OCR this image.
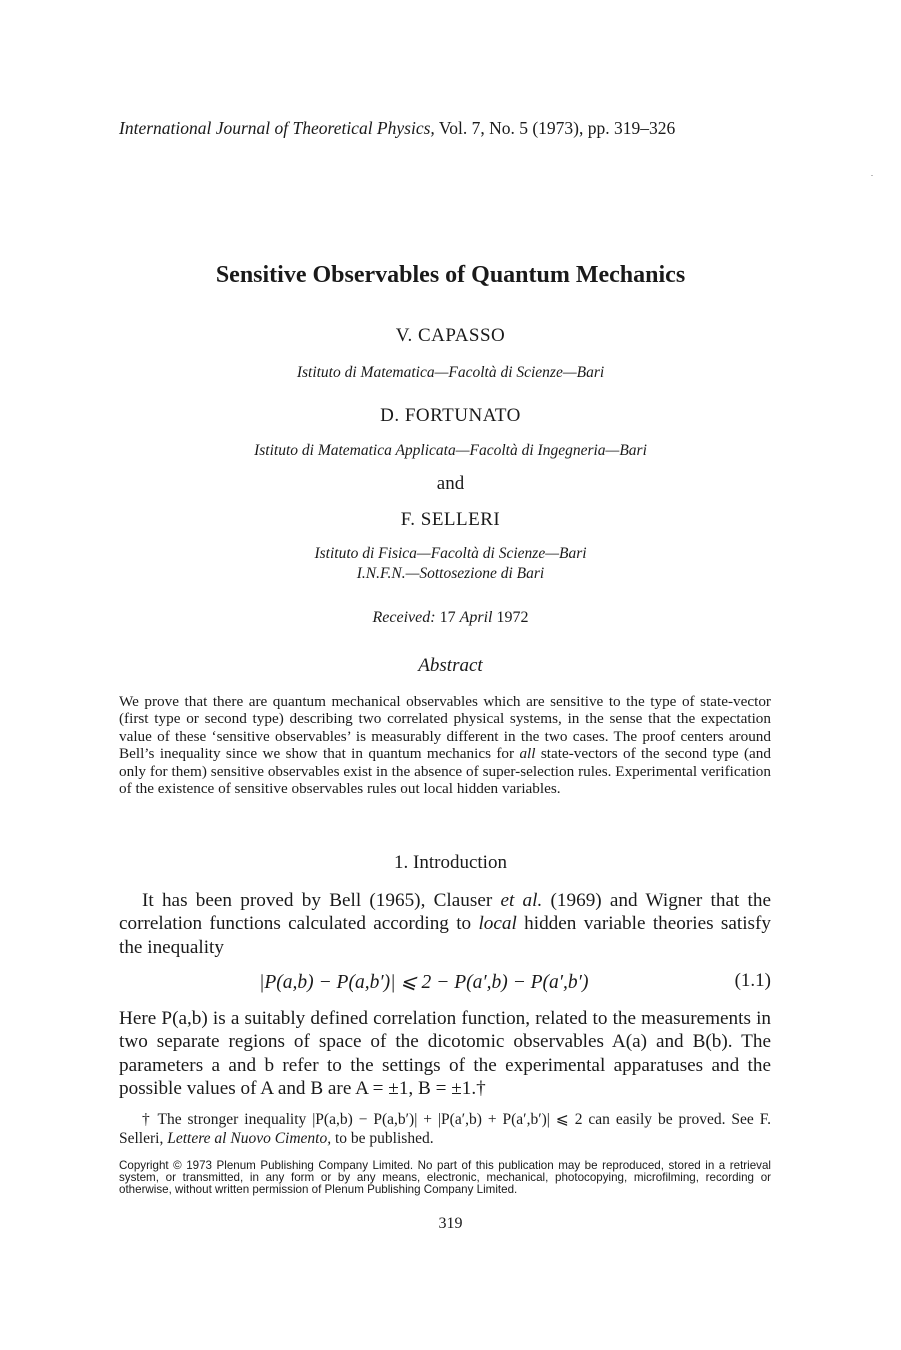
International Journal of Theoretical Physics, Vol. 7, No. 5 (1973), pp. 319–326
Sensitive Observables of Quantum Mechanics
V. CAPASSO
Istituto di Matematica—Facoltà di Scienze—Bari
D. FORTUNATO
Istituto di Matematica Applicata—Facoltà di Ingegneria—Bari
and
F. SELLERI
Istituto di Fisica—Facoltà di Scienze—Bari
I.N.F.N.—Sottosezione di Bari
Received: 17 April 1972
Abstract
We prove that there are quantum mechanical observables which are sensitive to the type of state-vector (first type or second type) describing two correlated physical systems, in the sense that the expectation value of these ‘sensitive observables’ is measurably different in the two cases. The proof centers around Bell’s inequality since we show that in quantum mechanics for all state-vectors of the second type (and only for them) sensitive observables exist in the absence of super-selection rules. Experimental verification of the existence of sensitive observables rules out local hidden variables.
1. Introduction
It has been proved by Bell (1965), Clauser et al. (1969) and Wigner that the correlation functions calculated according to local hidden variable theories satisfy the inequality
|P(a,b) − P(a,b′)| ⩽ 2 − P(a′,b) − P(a′,b′)	(1.1)
Here P(a,b) is a suitably defined correlation function, related to the measurements in two separate regions of space of the dicotomic observables A(a) and B(b). The parameters a and b refer to the settings of the experimental apparatuses and the possible values of A and B are A = ±1, B = ±1.†
† The stronger inequality |P(a,b) − P(a,b′)| + |P(a′,b) + P(a′,b′)| ⩽ 2 can easily be proved. See F. Selleri, Lettere al Nuovo Cimento, to be published.
Copyright © 1973 Plenum Publishing Company Limited. No part of this publication may be reproduced, stored in a retrieval system, or transmitted, in any form or by any means, electronic, mechanical, photocopying, microfilming, recording or otherwise, without written permission of Plenum Publishing Company Limited.
319
